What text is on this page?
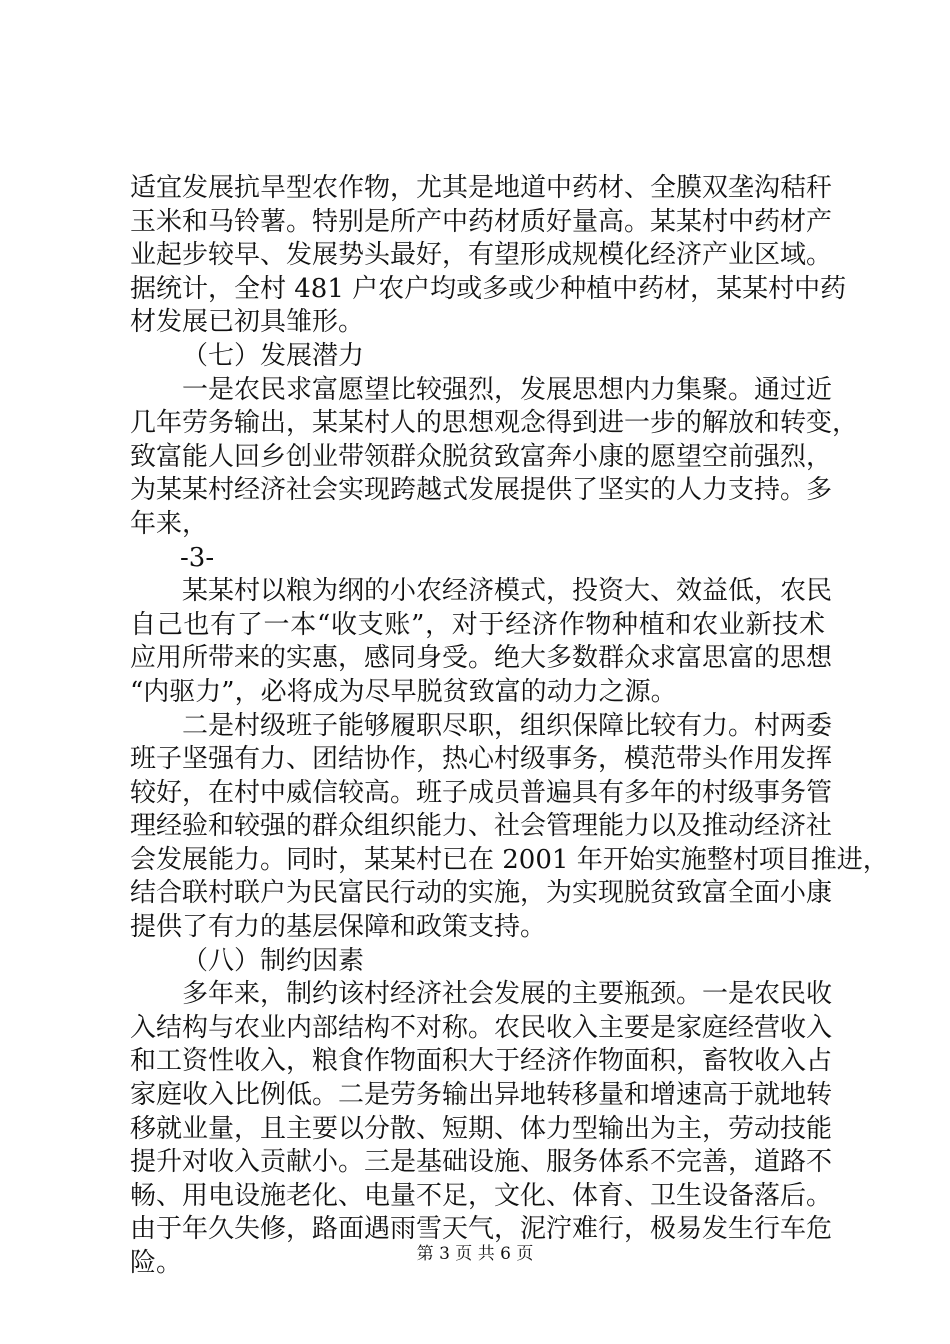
适宜发展抗旱型农作物，尤其是地道中药材、全膜双垄沟秸秆
玉米和马铃薯。特别是所产中药材质好量高。某某村中药材产
业起步较早、发展势头最好，有望形成规模化经济产业区域。
据统计，全村 481 户农户均或多或少种植中药材，某某村中药
材发展已初具雏形。
（七）发展潜力
一是农民求富愿望比较强烈，发展思想内力集聚。通过近
几年劳务输出，某某村人的思想观念得到进一步的解放和转变，
致富能人回乡创业带领群众脱贫致富奔小康的愿望空前强烈，
为某某村经济社会实现跨越式发展提供了坚实的人力支持。多
年来，
-3-
某某村以粮为纲的小农经济模式，投资大、效益低，农民
自己也有了一本“收支账”，对于经济作物种植和农业新技术
应用所带来的实惠，感同身受。绝大多数群众求富思富的思想
“内驱力”，必将成为尽早脱贫致富的动力之源。
二是村级班子能够履职尽职，组织保障比较有力。村两委
班子坚强有力、团结协作，热心村级事务，模范带头作用发挥
较好，在村中威信较高。班子成员普遍具有多年的村级事务管
理经验和较强的群众组织能力、社会管理能力以及推动经济社
会发展能力。同时，某某村已在 2001 年开始实施整村项目推进，
结合联村联户为民富民行动的实施，为实现脱贫致富全面小康
提供了有力的基层保障和政策支持。
（八）制约因素
多年来，制约该村经济社会发展的主要瓶颈。一是农民收
入结构与农业内部结构不对称。农民收入主要是家庭经营收入
和工资性收入，粮食作物面积大于经济作物面积，畜牧收入占
家庭收入比例低。二是劳务输出异地转移量和增速高于就地转
移就业量，且主要以分散、短期、体力型输出为主，劳动技能
提升对收入贡献小。三是基础设施、服务体系不完善，道路不
畅、用电设施老化、电量不足，文化、体育、卫生设备落后。
由于年久失修，路面遇雨雪天气，泥泞难行，极易发生行车危
险。	第 3 页 共 6 页
